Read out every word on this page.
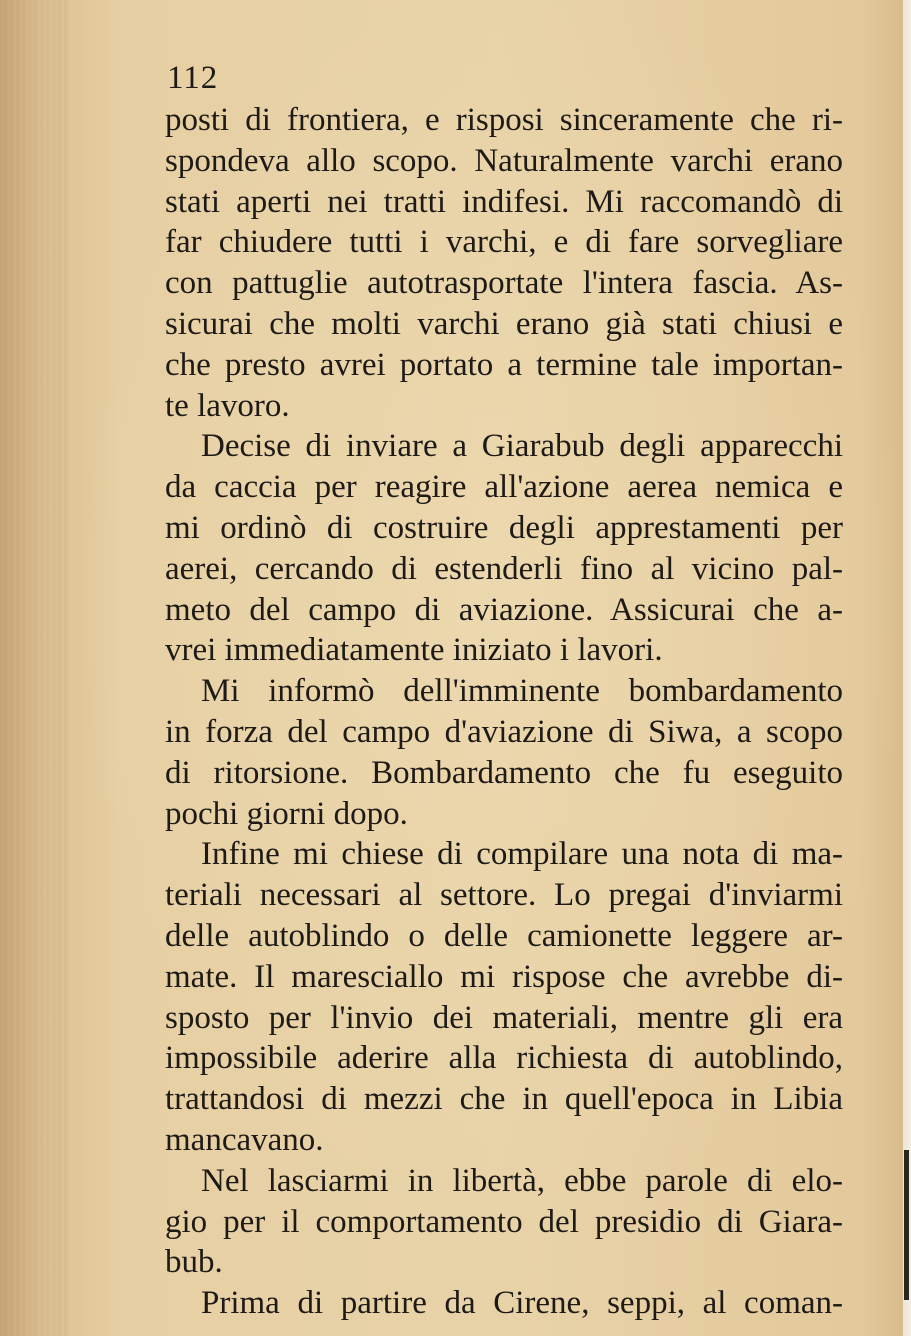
112
posti di frontiera, e risposi sinceramente che ri-
spondeva allo scopo. Naturalmente varchi erano
stati aperti nei tratti indifesi. Mi raccomandò di
far chiudere tutti i varchi, e di fare sorvegliare
con pattuglie autotrasportate l'intera fascia. As-
sicurai che molti varchi erano già stati chiusi e
che presto avrei portato a termine tale importan-
te lavoro.
Decise di inviare a Giarabub degli apparecchi
da caccia per reagire all'azione aerea nemica e
mi ordinò di costruire degli apprestamenti per
aerei, cercando di estenderli fino al vicino pal-
meto del campo di aviazione. Assicurai che a-
vrei immediatamente iniziato i lavori.
Mi informò dell'imminente bombardamento
in forza del campo d'aviazione di Siwa, a scopo
di ritorsione. Bombardamento che fu eseguito
pochi giorni dopo.
Infine mi chiese di compilare una nota di ma-
teriali necessari al settore. Lo pregai d'inviarmi
delle autoblindo o delle camionette leggere ar-
mate. Il maresciallo mi rispose che avrebbe di-
sposto per l'invio dei materiali, mentre gli era
impossibile aderire alla richiesta di autoblindo,
trattandosi di mezzi che in quell'epoca in Libia
mancavano.
Nel lasciarmi in libertà, ebbe parole di elo-
gio per il comportamento del presidio di Giara-
bub.
Prima di partire da Cirene, seppi, al coman-
